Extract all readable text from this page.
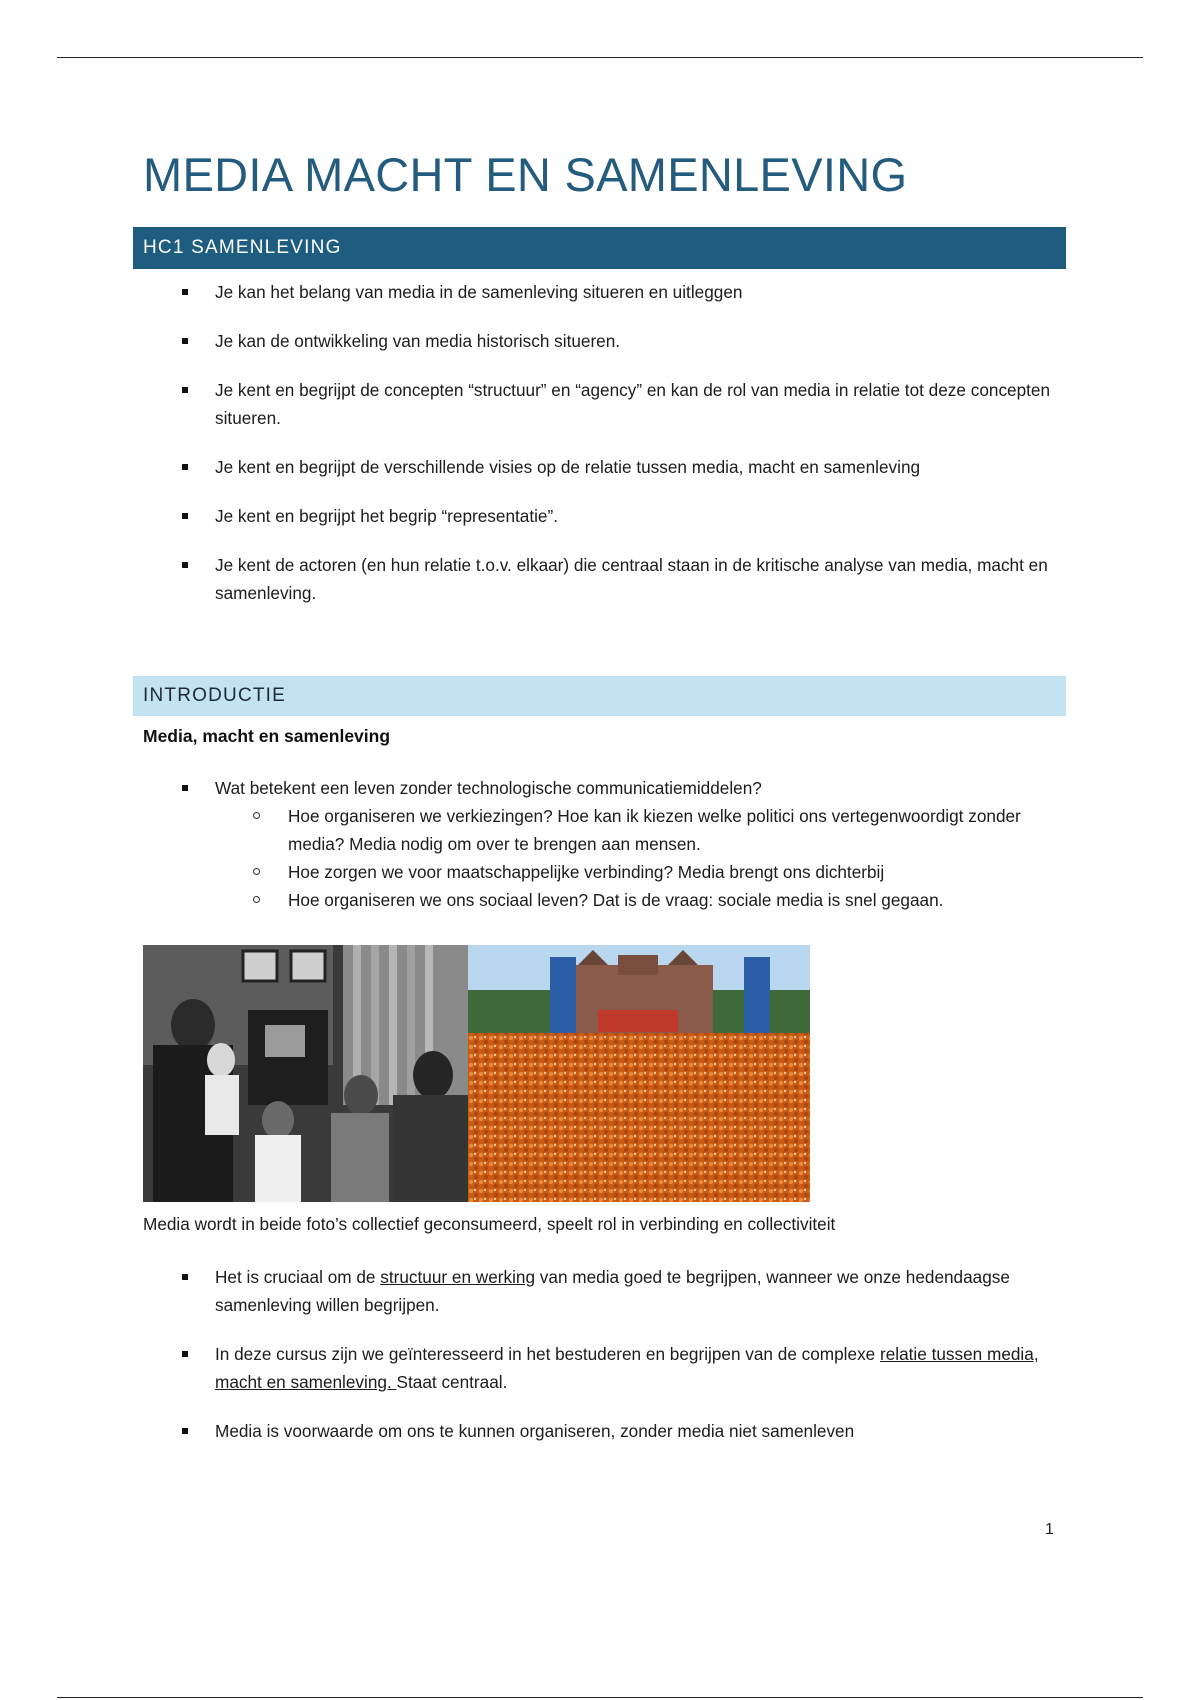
MEDIA MACHT EN SAMENLEVING
HC1 SAMENLEVING
Je kan het belang van media in de samenleving situeren en uitleggen
Je kan de ontwikkeling van media historisch situeren.
Je kent en begrijpt de concepten “structuur” en “agency” en kan de rol van media in relatie tot deze concepten situeren.
Je kent en begrijpt de verschillende visies op de relatie tussen media, macht en samenleving
Je kent en begrijpt het begrip “representatie”.
Je kent de actoren (en hun relatie t.o.v. elkaar) die centraal staan in de kritische analyse van media, macht en samenleving.
INTRODUCTIE
Media, macht en samenleving
Wat betekent een leven zonder technologische communicatiemiddelen?
Hoe organiseren we verkiezingen? Hoe kan ik kiezen welke politici ons vertegenwoordigt zonder media? Media nodig om over te brengen aan mensen.
Hoe zorgen we voor maatschappelijke verbinding? Media brengt ons dichterbij
Hoe organiseren we ons sociaal leven? Dat is de vraag: sociale media is snel gegaan.
Media wordt in beide foto’s collectief geconsumeerd, speelt rol in verbinding en collectiviteit
Het is cruciaal om de structuur en werking van media goed te begrijpen, wanneer we onze hedendaagse samenleving willen begrijpen.
In deze cursus zijn we geïnteresseerd in het bestuderen en begrijpen van de complexe relatie tussen media, macht en samenleving. Staat centraal.
Media is voorwaarde om ons te kunnen organiseren, zonder media niet samenleven
1
